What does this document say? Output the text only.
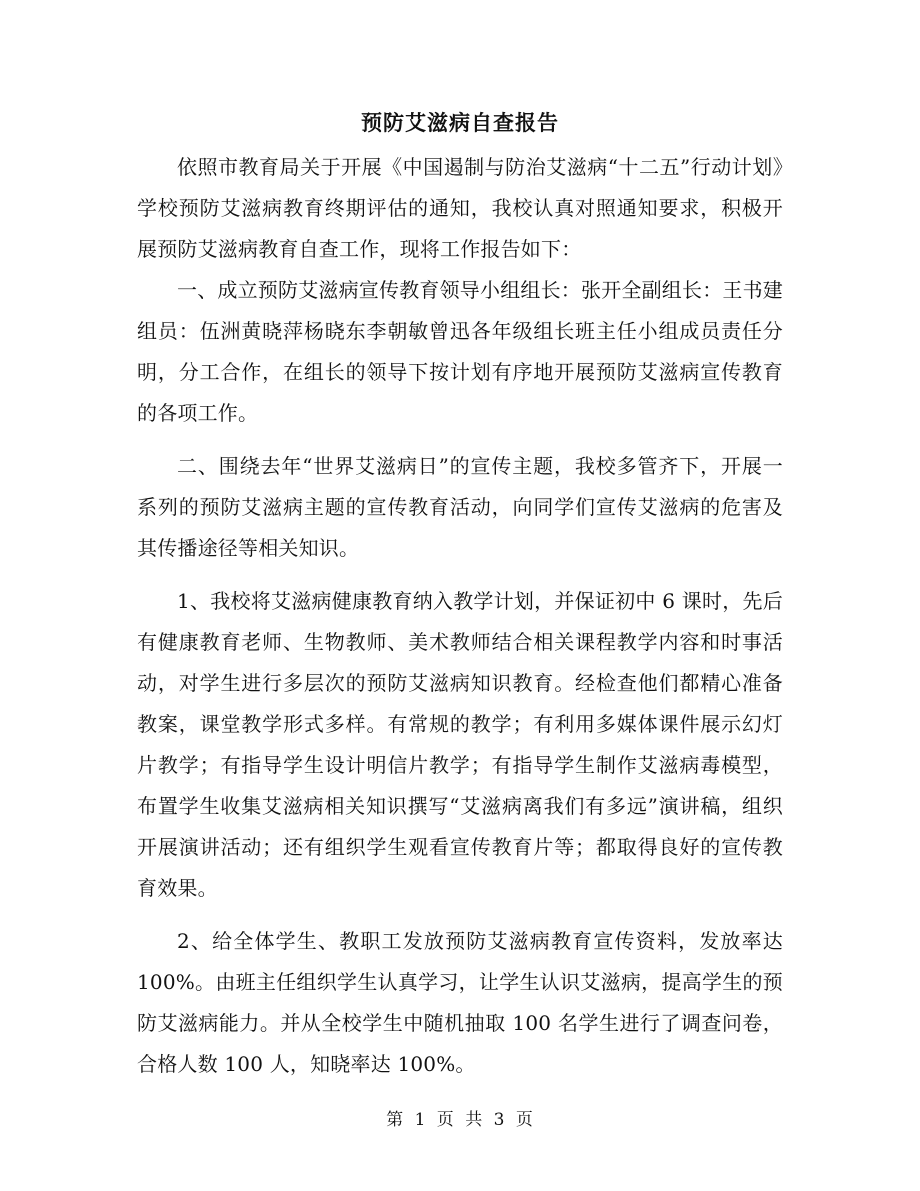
预防艾滋病自查报告

依照市教育局关于开展《中国遏制与防治艾滋病“十二五”行动计划》学校预防艾滋病教育终期评估的通知，我校认真对照通知要求，积极开展预防艾滋病教育自查工作，现将工作报告如下：

一、成立预防艾滋病宣传教育领导小组组长：张开全副组长：王书建组员：伍洲黄晓萍杨晓东李朝敏曾迅各年级组长班主任小组成员责任分明，分工合作，在组长的领导下按计划有序地开展预防艾滋病宣传教育的各项工作。

二、围绕去年“世界艾滋病日”的宣传主题，我校多管齐下，开展一系列的预防艾滋病主题的宣传教育活动，向同学们宣传艾滋病的危害及其传播途径等相关知识。

1、我校将艾滋病健康教育纳入教学计划，并保证初中 6 课时，先后有健康教育老师、生物教师、美术教师结合相关课程教学内容和时事活动，对学生进行多层次的预防艾滋病知识教育。经检查他们都精心准备教案，课堂教学形式多样。有常规的教学；有利用多媒体课件展示幻灯片教学；有指导学生设计明信片教学；有指导学生制作艾滋病毒模型，布置学生收集艾滋病相关知识撰写“艾滋病离我们有多远”演讲稿，组织开展演讲活动；还有组织学生观看宣传教育片等；都取得良好的宣传教育效果。

2、给全体学生、教职工发放预防艾滋病教育宣传资料，发放率达 100%。由班主任组织学生认真学习，让学生认识艾滋病，提高学生的预防艾滋病能力。并从全校学生中随机抽取 100 名学生进行了调查问卷，合格人数 100 人，知晓率达 100%。

第 1 页 共 3 页
